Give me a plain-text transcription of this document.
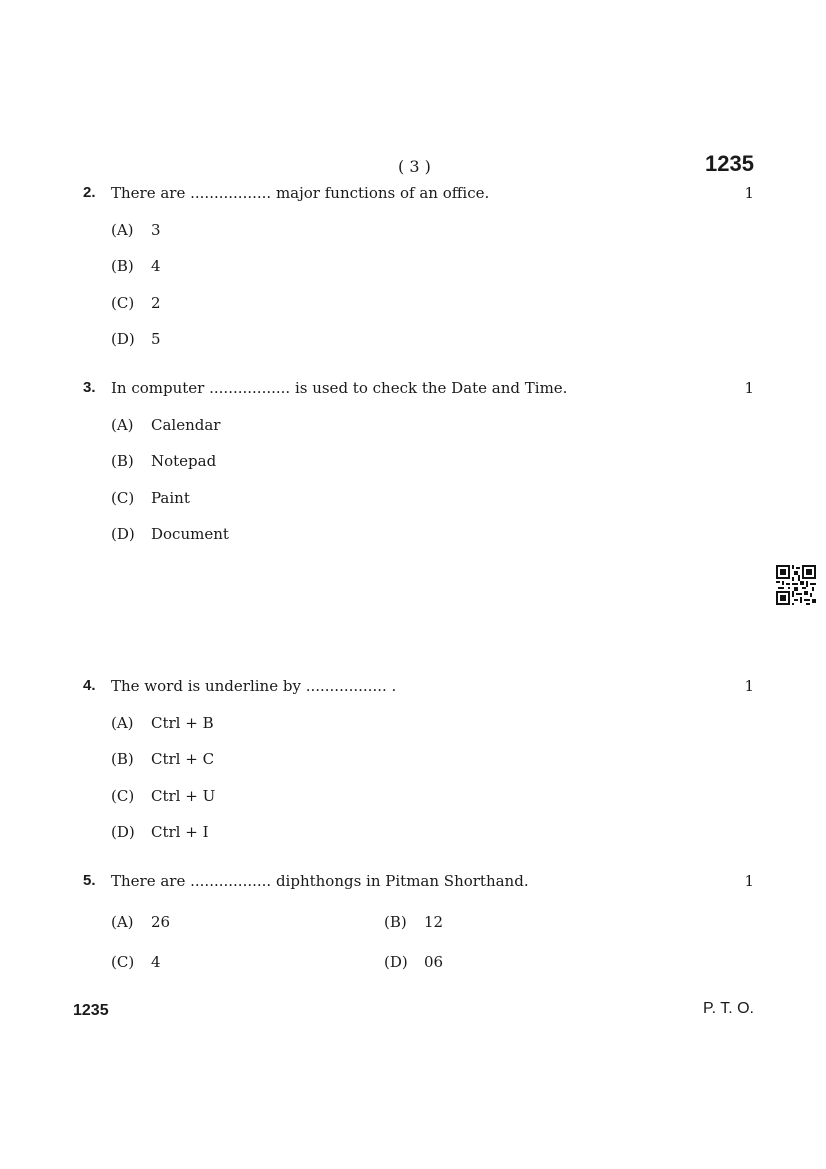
( 3 )	1235
2. There are ................. major functions of an office.	1
(A)	3
(B)	4
(C)	2
(D)	5
3. In computer ................. is used to check the Date and Time.	1
(A)	Calendar
(B)	Notepad
(C)	Paint
(D)	Document
4. The word is underline by ................. .	1
(A)	Ctrl + B
(B)	Ctrl + C
(C)	Ctrl + U
(D)	Ctrl + I
5. There are ................. diphthongs in Pitman Shorthand.	1
(A)	26	(B)	12
(C)	4	(D)	06
1235	P. T. O.
